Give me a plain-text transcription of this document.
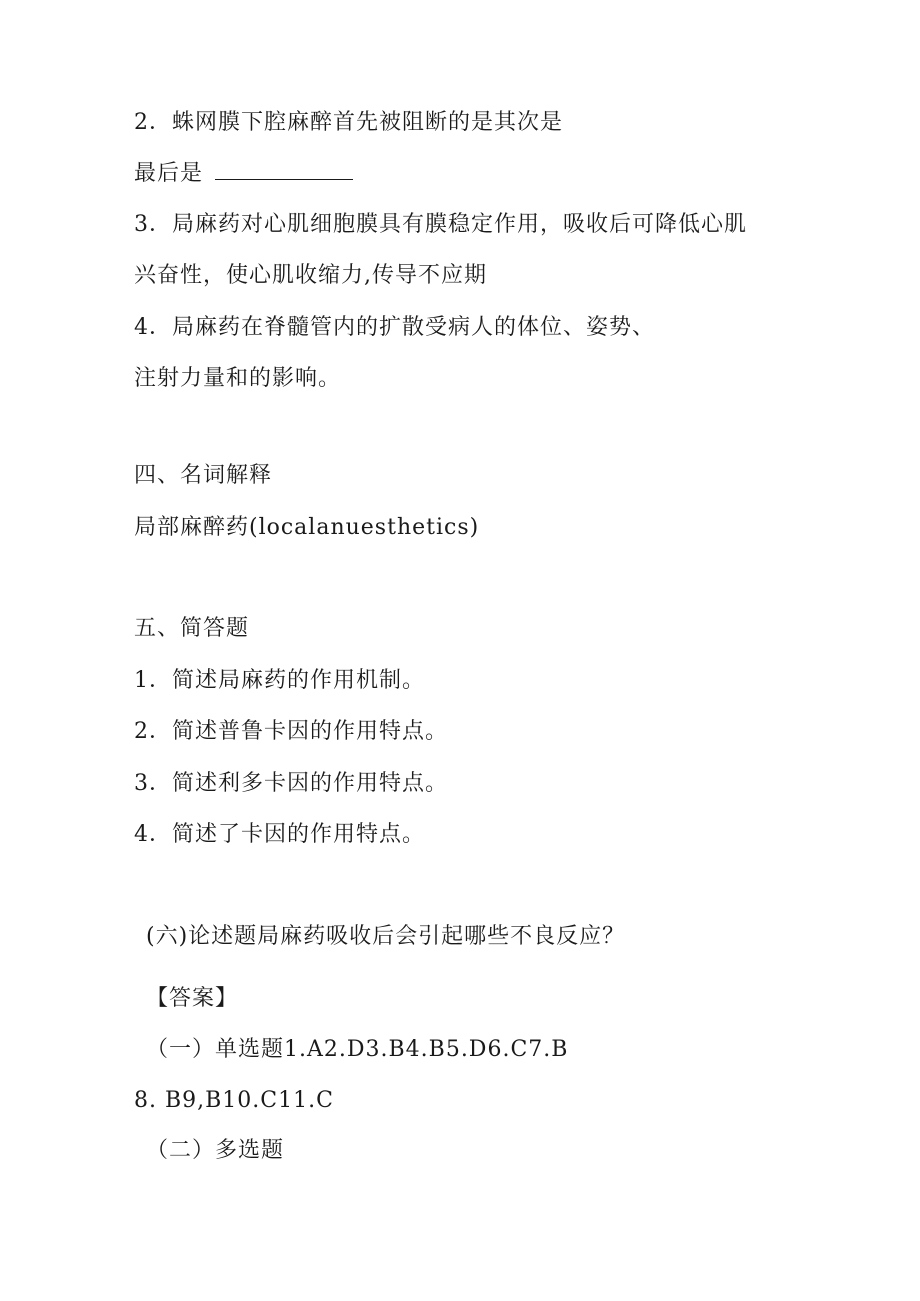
2．蛛网膜下腔麻醉首先被阻断的是其次是
最后是
3．局麻药对心肌细胞膜具有膜稳定作用，吸收后可降低心肌
兴奋性，使心肌收缩力,传导不应期
4．局麻药在脊髓管内的扩散受病人的体位、姿势、
注射力量和的影响。
四、名词解释
局部麻醉药(localanuesthetics)
五、简答题
1．简述局麻药的作用机制。
2．简述普鲁卡因的作用特点。
3．简述利多卡因的作用特点。
4．简述了卡因的作用特点。
(六)论述题局麻药吸收后会引起哪些不良反应？
【答案】
（一）单选题1.A2.D3.B4.B5.D6.C7.B
8. B9,B10.C11.C
（二）多选题
